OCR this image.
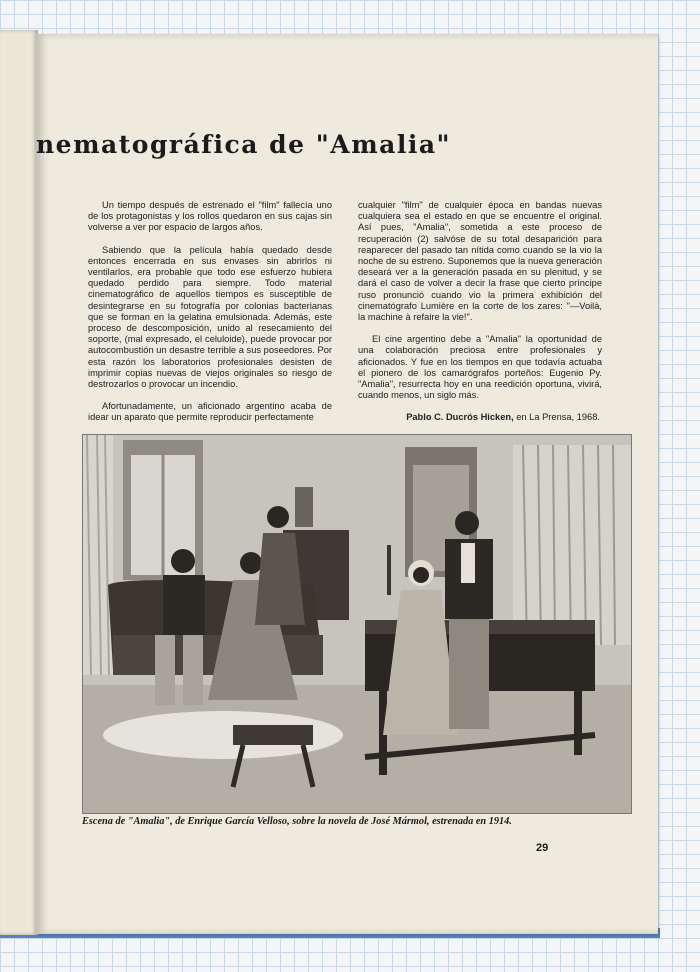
nematográfica de "Amalia"

Un tiempo después de estrenado el "film" fallecía uno de los protagonistas y los rollos quedaron en sus cajas sin volverse a ver por espacio de largos años.

Sabiendo que la película había quedado desde entonces encerrada en sus envases sin abrirlos ni ventilarlos, era probable que todo ese esfuerzo hubiera quedado perdido para siempre. Todo material cinematográfico de aquellos tiempos es susceptible de desintegrarse en su fotografía por colonias bacterianas que se forman en la gelatina emulsionada. Además, este proceso de descomposición, unido al resecamiento del soporte, (mal expresado, el celuloide), puede provocar por autocombustión un desastre terrible a sus poseedores. Por esta razón los laboratorios profesionales desisten de imprimir copias nuevas de viejos originales so riesgo de destrozarlos o provocar un incendio.

Afortunadamente, un aficionado argentino acaba de idear un aparato que permite reproducir perfectamente

cualquier "film" de cualquier época en bandas nuevas cualquiera sea el estado en que se encuentre el original. Así pues, "Amalia", sometida a este proceso de recuperación (2) salvóse de su total desaparición para reaparecer del pasado tan nítida como cuando se la vio la noche de su estreno. Suponemos que la nueva generación deseará ver a la generación pasada en su plenitud, y se dará el caso de volver a decir la frase que cierto príncipe ruso pronunció cuando vio la primera exhibición del cinematógrafo Lumière en la corte de los zares: "—Voilà, la machine à refaire la vie!".

El cine argentino debe a "Amalia" la oportunidad de una colaboración preciosa entre profesionales y aficionados. Y fue en los tiempos en que todavía actuaba el pionero de los camarógrafos porteños: Eugenio Py. "Amalia", resurrecta hoy en una reedición oportuna, vivirá, cuando menos, un siglo más.

Pablo C. Ducrós Hicken, en La Prensa, 1968.
Escena de "Amalia", de Enrique García Velloso, sobre la novela de José Mármol, estrenada en 1914.
29
